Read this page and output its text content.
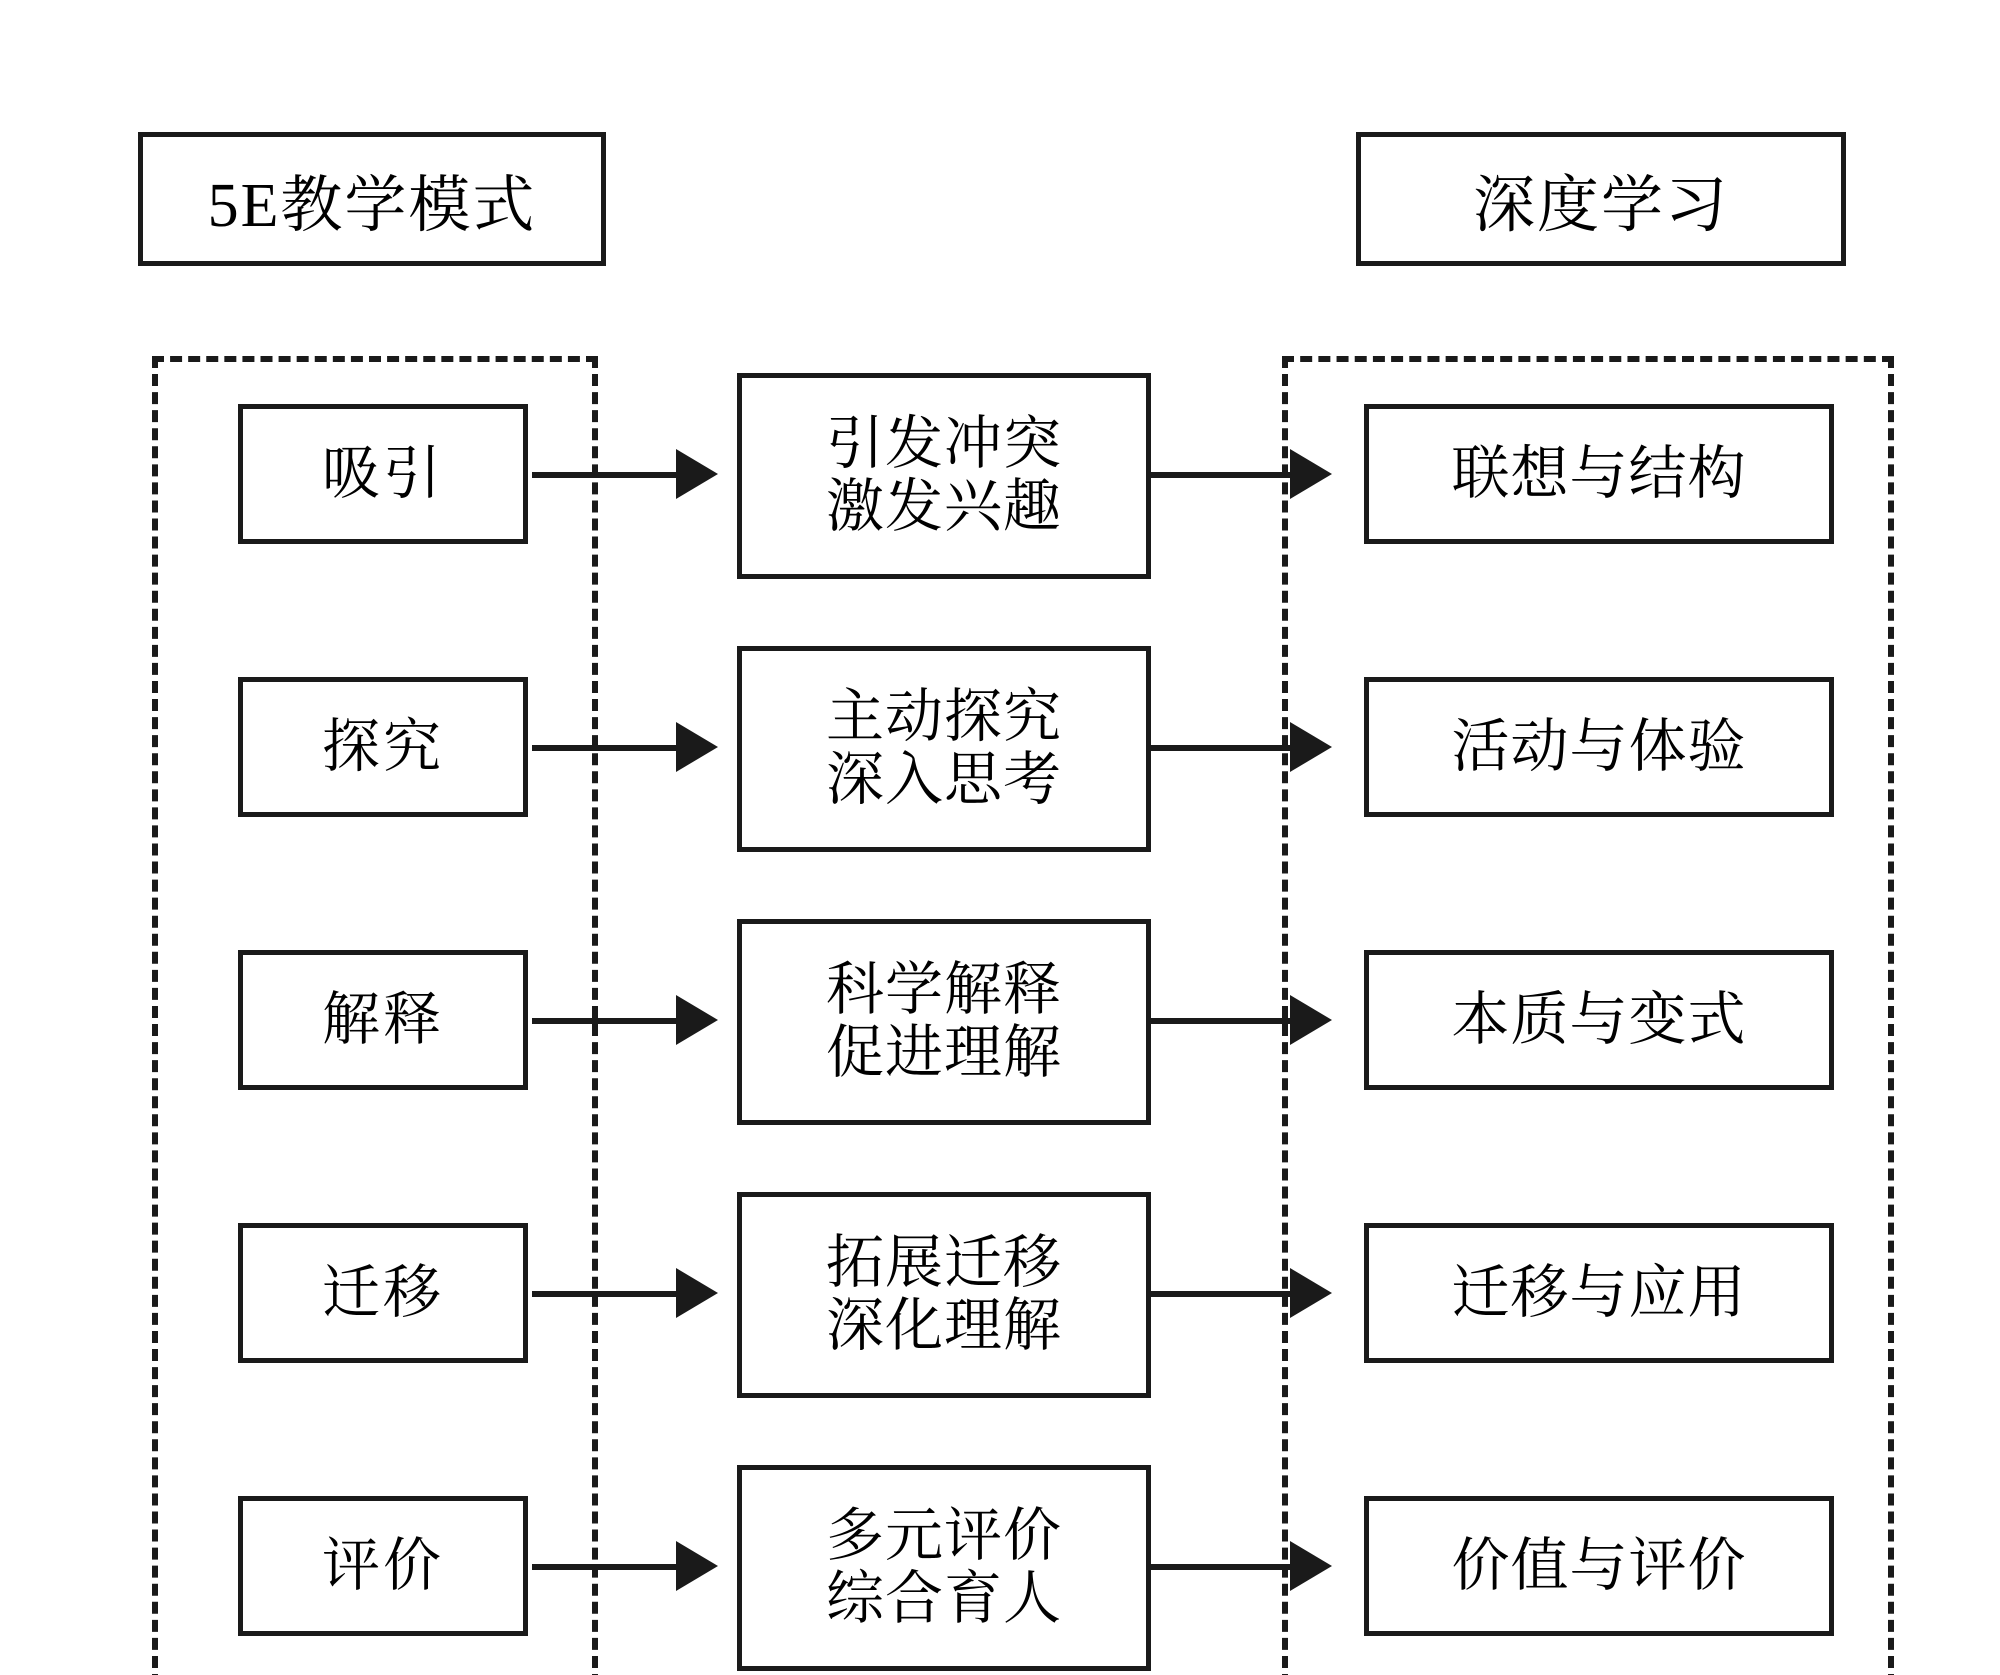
5E教学模式	深度学习
吸引	引发冲突
激发兴趣
联想与结构
探究	主动探究
深入思考
活动与体验
解释	科学解释
促进理解
本质与变式
迁移	拓展迁移
深化理解
迁移与应用
评价	多元评价
综合育人
价值与评价
